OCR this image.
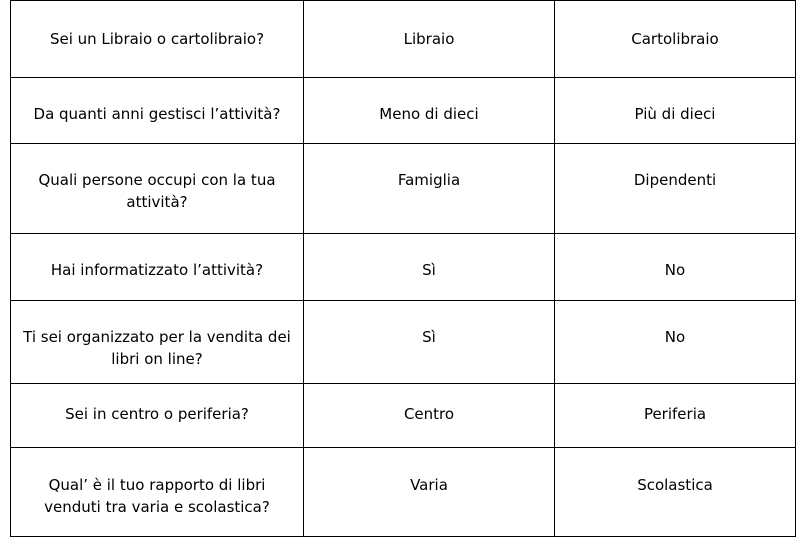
Sei un Libraio o cartolibraio?	Libraio	Cartolibraio
Da quanti anni gestisci l’attività?	Meno di dieci	Più di dieci
Quali persone occupi con la tua attività?	Famiglia	Dipendenti
Hai informatizzato l’attività?	Sì	No
Ti sei organizzato per la vendita dei libri on line?	Sì	No
Sei in centro o periferia?	Centro	Periferia
Qual’ è il tuo rapporto di libri venduti tra varia e scolastica?	Varia	Scolastica
